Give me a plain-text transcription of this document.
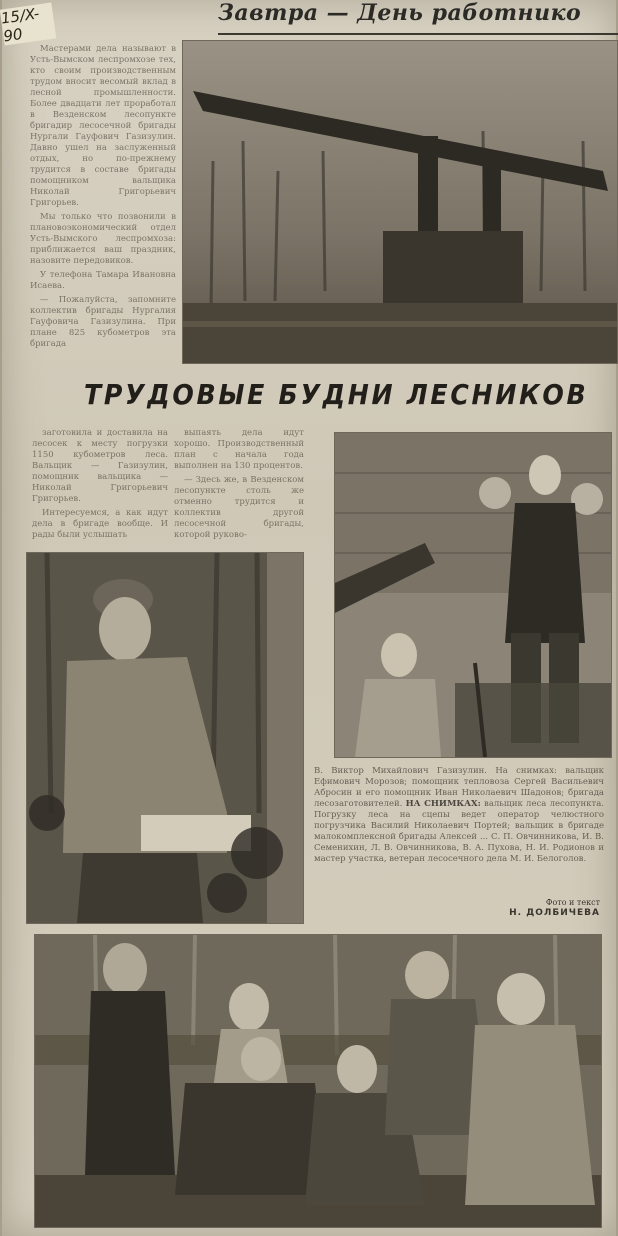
15/X-90
Завтра — День работнико

Мастерами дела называют в Усть-Вымском леспромхозе тех, кто своим производственным трудом вносит весомый вклад в лесной промышленности. Более двадцати лет проработал в Везденском лесопункте бригадир лесосечной бригады Нургали Гауфович Газизулин. Давно ушел на заслуженный отдых, но по-прежнему трудится в составе бригады помощником вальщика Николай Григорьевич Григорьев.

Мы только что позвонили в плановоэкономический отдел Усть-Вымского леспромхоза: приближается ваш праздник, назовите передовиков.

У телефона Тамара Ивановна Исаева.

— Пожалуйста, запомните коллектив бригады Нургалия Гауфовича Газизулина. При плане 825 кубометров эта бригада

ТРУДОВЫЕ БУДНИ ЛЕСНИКОВ

заготовила и доставила на лесосек к месту погрузки 1150 кубометров леса. Вальщик — Газизулин, помощник вальщика — Николай Григорьевич Григорьев.

Интересуемся, а как идут дела в бригаде вообще. И рады были услышать

выпаять дела идут хорошо. Производственный план с начала года выполнен на 130 процентов.

— Здесь же, в Везденском лесопункте столь же отменно трудится и коллектив другой лесосечной бригады, которой руково-

В. Виктор Михайлович Газизулин. На снимках: вальщик Ефимович Морозов; помощник тепловоза Сергей Васильевич Абросин и его помощник Иван Николаевич Шадонов; бригада лесозаготовителей. НА СНИМКАХ: вальщик леса лесопункта. Погрузку леса на сцепы ведет оператор челюстного погрузчика Василий Николаевич Портей; вальщик в бригаде малокомплексной бригады Алексей ... С. П. Овчинникова, И. В. Семенихин, Л. В. Овчинникова, В. А. Пухова, Н. И. Родионов и мастер участка, ветеран лесосечного дела М. И. Белоголов.
Фото и текст
Н. ДОЛБИЧЕВА
